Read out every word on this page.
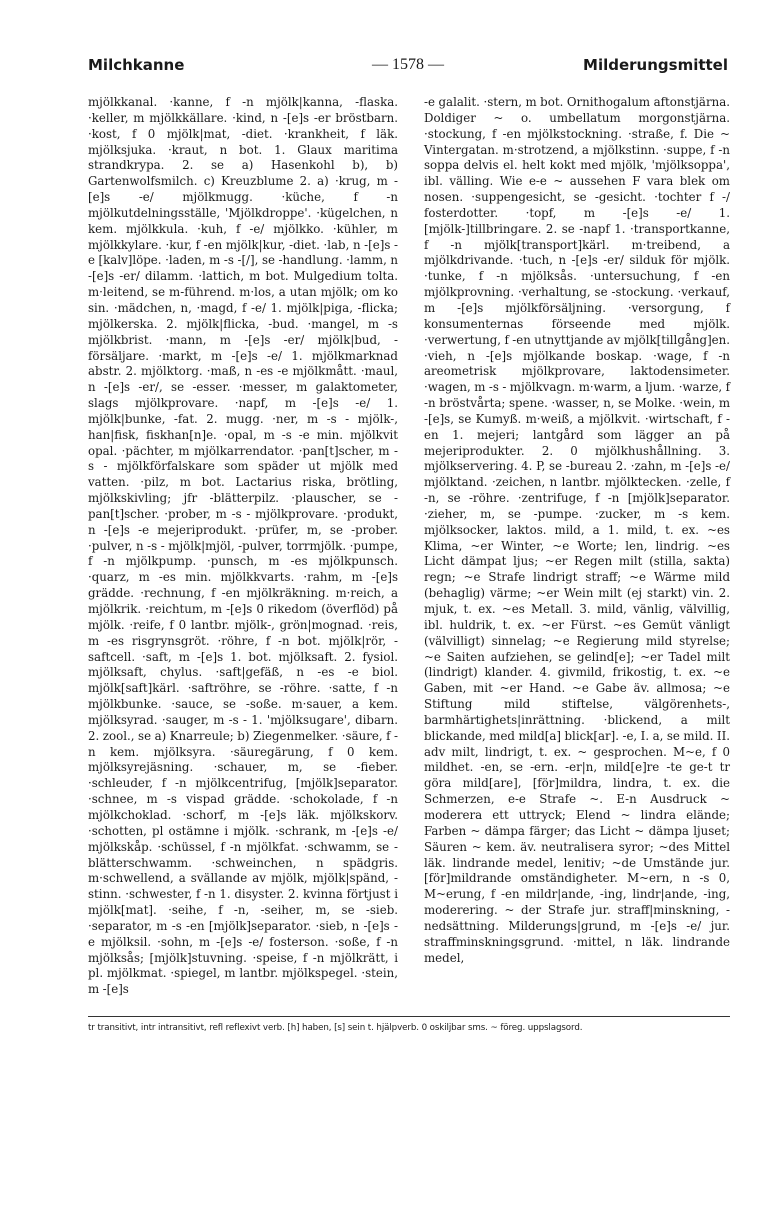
Milchkanne	— 1578 —	Milderungsmittel

mjölkkanal. ·kanne, f -n mjölk|kanna, -flaska. ·keller, m mjölkkällare. ·kind, n -[e]s -er bröstbarn. ·kost, f 0 mjölk|mat, -diet. ·krankheit, f läk. mjölksjuka. ·kraut, n bot. 1. Glaux maritima strandkrypa. 2. se a) Hasenkohl b), b) Gartenwolfsmilch. c) Kreuzblume 2. a) ·krug, m -[e]s -e/ mjölkmugg. ·küche, f -n mjölkutdelningsställe, 'Mjölkdroppe'. ·kügelchen, n kem. mjölkkula. ·kuh, f -e/ mjölkko. ·kühler, m mjölkkylare. ·kur, f -en mjölk|kur, -diet. ·lab, n -[e]s -e [kalv]löpe. ·laden, m -s -[/], se -handlung. ·lamm, n -[e]s -er/ dilamm. ·lattich, m bot. Mulgedium tolta. m·leitend, se m-führend. m·los, a utan mjölk; om ko sin. ·mädchen, n, ·magd, f -e/ 1. mjölk|piga, -flicka; mjölkerska. 2. mjölk|flicka, -bud. ·mangel, m -s mjölkbrist. ·mann, m -[e]s -er/ mjölk|bud, -försäljare. ·markt, m -[e]s -e/ 1. mjölkmarknad abstr. 2. mjölktorg. ·maß, n -es -e mjölkmått. ·maul, n -[e]s -er/, se -esser. ·messer, m galaktometer, slags mjölkprovare. ·napf, m -[e]s -e/ 1. mjölk|bunke, -fat. 2. mugg. ·ner, m -s - mjölk-, han|fisk, fiskhan[n]e. ·opal, m -s -e min. mjölkvit opal. ·pächter, m mjölkarrendator. ·pan[t]scher, m -s - mjölkförfalskare som späder ut mjölk med vatten. ·pilz, m bot. Lactarius riska, brötling, mjölkskivling; jfr -blätterpilz. ·plauscher, se -pan[t]scher. ·prober, m -s - mjölkprovare. ·produkt, n -[e]s -e mejeriprodukt. ·prüfer, m, se -prober. ·pulver, n -s - mjölk|mjöl, -pulver, torrmjölk. ·pumpe, f -n mjölkpump. ·punsch, m -es mjölkpunsch. ·quarz, m -es min. mjölkkvarts. ·rahm, m -[e]s grädde. ·rechnung, f -en mjölkräkning. m·reich, a mjölkrik. ·reichtum, m -[e]s 0 rikedom (överflöd) på mjölk. ·reife, f 0 lantbr. mjölk-, grön|mognad. ·reis, m -es risgrynsgröt. ·röhre, f -n bot. mjölk|rör, -saftcell. ·saft, m -[e]s 1. bot. mjölksaft. 2. fysiol. mjölksaft, chylus. ·saft|gefäß, n -es -e biol. mjölk[saft]kärl. ·saftröhre, se -röhre. ·satte, f -n mjölkbunke. ·sauce, se -soße. m·sauer, a kem. mjölksyrad. ·sauger, m -s - 1. 'mjölksugare', dibarn. 2. zool., se a) Knarreule; b) Ziegenmelker. ·säure, f -n kem. mjölksyra. ·säuregärung, f 0 kem. mjölksyrejäsning. ·schauer, m, se -fieber. ·schleuder, f -n mjölkcentrifug, [mjölk]separator. ·schnee, m -s vispad grädde. ·schokolade, f -n mjölkchoklad. ·schorf, m -[e]s läk. mjölkskorv. ·schotten, pl ostämne i mjölk. ·schrank, m -[e]s -e/ mjölkskåp. ·schüssel, f -n mjölkfat. ·schwamm, se -blätterschwamm. ·schweinchen, n spädgris. m·schwellend, a svällande av mjölk, mjölk|spänd, -stinn. ·schwester, f -n 1. disyster. 2. kvinna förtjust i mjölk[mat]. ·seihe, f -n, -seiher, m, se -sieb. ·separator, m -s -en [mjölk]separator. ·sieb, n -[e]s -e mjölksil. ·sohn, m -[e]s -e/ fosterson. ·soße, f -n mjölksås; [mjölk]stuvning. ·speise, f -n mjölkrätt, i pl. mjölkmat. ·spiegel, m lantbr. mjölkspegel. ·stein, m -[e]s

-e galalit. ·stern, m bot. Ornithogalum aftonstjärna. Doldiger ~ o. umbellatum morgonstjärna. ·stockung, f -en mjölkstockning. ·straße, f. Die ~ Vintergatan. m·strotzend, a mjölkstinn. ·suppe, f -n soppa delvis el. helt kokt med mjölk, 'mjölksoppa', ibl. välling. Wie e-e ~ aussehen F vara blek om nosen. ·suppengesicht, se -gesicht. ·tochter f -/ fosterdotter. ·topf, m -[e]s -e/ 1. [mjölk-]tillbringare. 2. se -napf 1. ·transportkanne, f -n mjölk[transport]kärl. m·treibend, a mjölkdrivande. ·tuch, n -[e]s -er/ silduk för mjölk. ·tunke, f -n mjölksås. ·untersuchung, f -en mjölkprovning. ·verhaltung, se -stockung. ·verkauf, m -[e]s mjölkförsäljning. ·versorgung, f konsumenternas förseende med mjölk. ·verwertung, f -en utnyttjande av mjölk[tillgång]en. ·vieh, n -[e]s mjölkande boskap. ·wage, f -n areometrisk mjölkprovare, laktodensimeter. ·wagen, m -s - mjölkvagn. m·warm, a ljum. ·warze, f -n bröstvårta; spene. ·wasser, n, se Molke. ·wein, m -[e]s, se Kumyß. m·weiß, a mjölkvit. ·wirtschaft, f -en 1. mejeri; lantgård som lägger an på mejeriprodukter. 2. 0 mjölkhushållning. 3. mjölkservering. 4. P, se -bureau 2. ·zahn, m -[e]s -e/ mjölktand. ·zeichen, n lantbr. mjölktecken. ·zelle, f -n, se -röhre. ·zentrifuge, f -n [mjölk]separator. ·zieher, m, se -pumpe. ·zucker, m -s kem. mjölksocker, laktos. mild, a 1. mild, t. ex. ~es Klima, ~er Winter, ~e Worte; len, lindrig. ~es Licht dämpat ljus; ~er Regen milt (stilla, sakta) regn; ~e Strafe lindrigt straff; ~e Wärme mild (behaglig) värme; ~er Wein milt (ej starkt) vin. 2. mjuk, t. ex. ~es Metall. 3. mild, vänlig, välvillig, ibl. huldrik, t. ex. ~er Fürst. ~es Gemüt vänligt (välvilligt) sinnelag; ~e Regierung mild styrelse; ~e Saiten aufziehen, se gelind[e]; ~er Tadel milt (lindrigt) klander. 4. givmild, frikostig, t. ex. ~e Gaben, mit ~er Hand. ~e Gabe äv. allmosa; ~e Stiftung mild stiftelse, välgörenhets-, barmhärtighets|inrättning. ·blickend, a milt blickande, med mild[a] blick[ar]. -e, I. a, se mild. II. adv milt, lindrigt, t. ex. ~ gesprochen. M~e, f 0 mildhet. -en, se -ern. -er|n, mild[e]re -te ge-t tr göra mild[are], [för]mildra, lindra, t. ex. die Schmerzen, e-e Strafe ~. E-n Ausdruck ~ moderera ett uttryck; Elend ~ lindra elände; Farben ~ dämpa färger; das Licht ~ dämpa ljuset; Säuren ~ kem. äv. neutralisera syror; ~des Mittel läk. lindrande medel, lenitiv; ~de Umstände jur. [för]mildrande omständigheter. M~ern, n -s 0, M~erung, f -en mildr|ande, -ing, lindr|ande, -ing, moderering. ~ der Strafe jur. straff|minskning, -nedsättning. Milderungs|grund, m -[e]s -e/ jur. straffminskningsgrund. ·mittel, n läk. lindrande medel,

tr transitivt, intr intransitivt, refl reflexivt verb. [h] haben, [s] sein t. hjälpverb. 0 oskiljbar sms. ~ föreg. uppslagsord.
